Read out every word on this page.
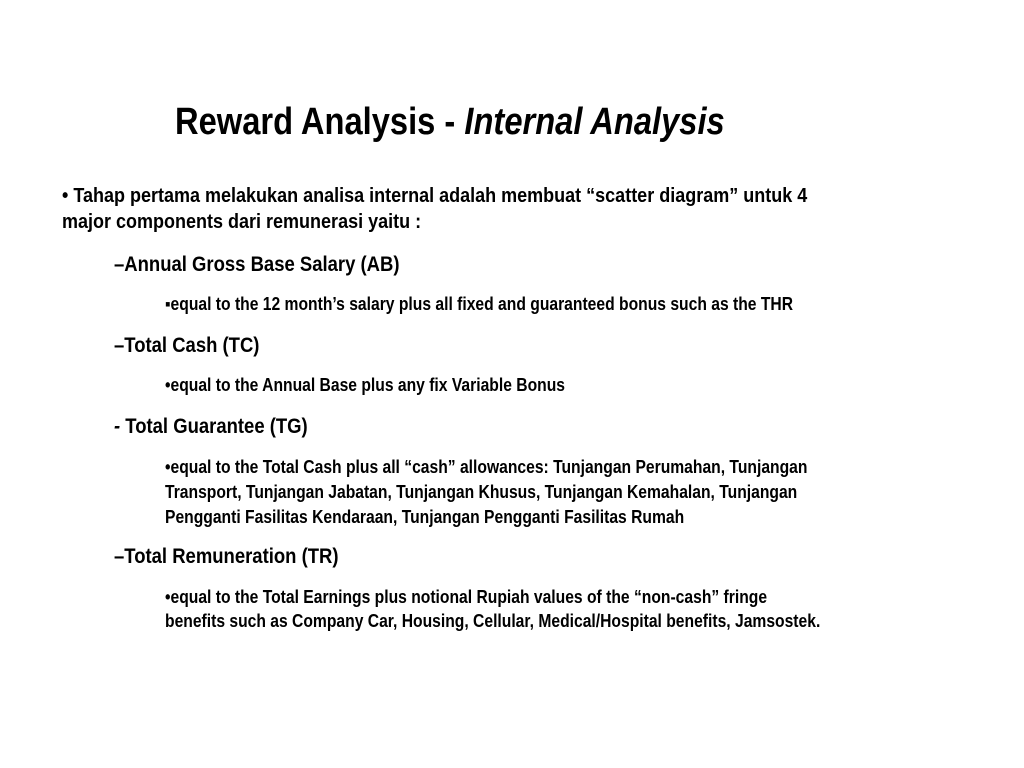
Reward Analysis - Internal Analysis
• Tahap pertama melakukan analisa internal adalah membuat “scatter diagram” untuk 4
major components dari remunerasi yaitu :
–Annual Gross Base Salary (AB)
▪equal to the 12 month’s salary plus all fixed and guaranteed bonus such as the THR
–Total Cash (TC)
•equal to the Annual Base plus any fix Variable Bonus
- Total Guarantee (TG)
•equal to the Total Cash plus all “cash” allowances: Tunjangan Perumahan, Tunjangan
Transport, Tunjangan Jabatan, Tunjangan Khusus, Tunjangan Kemahalan, Tunjangan
Pengganti Fasilitas Kendaraan, Tunjangan Pengganti Fasilitas Rumah
–Total Remuneration (TR)
•equal to the Total Earnings plus notional Rupiah values of the “non-cash” fringe
benefits such as Company Car, Housing, Cellular, Medical/Hospital benefits, Jamsostek.
